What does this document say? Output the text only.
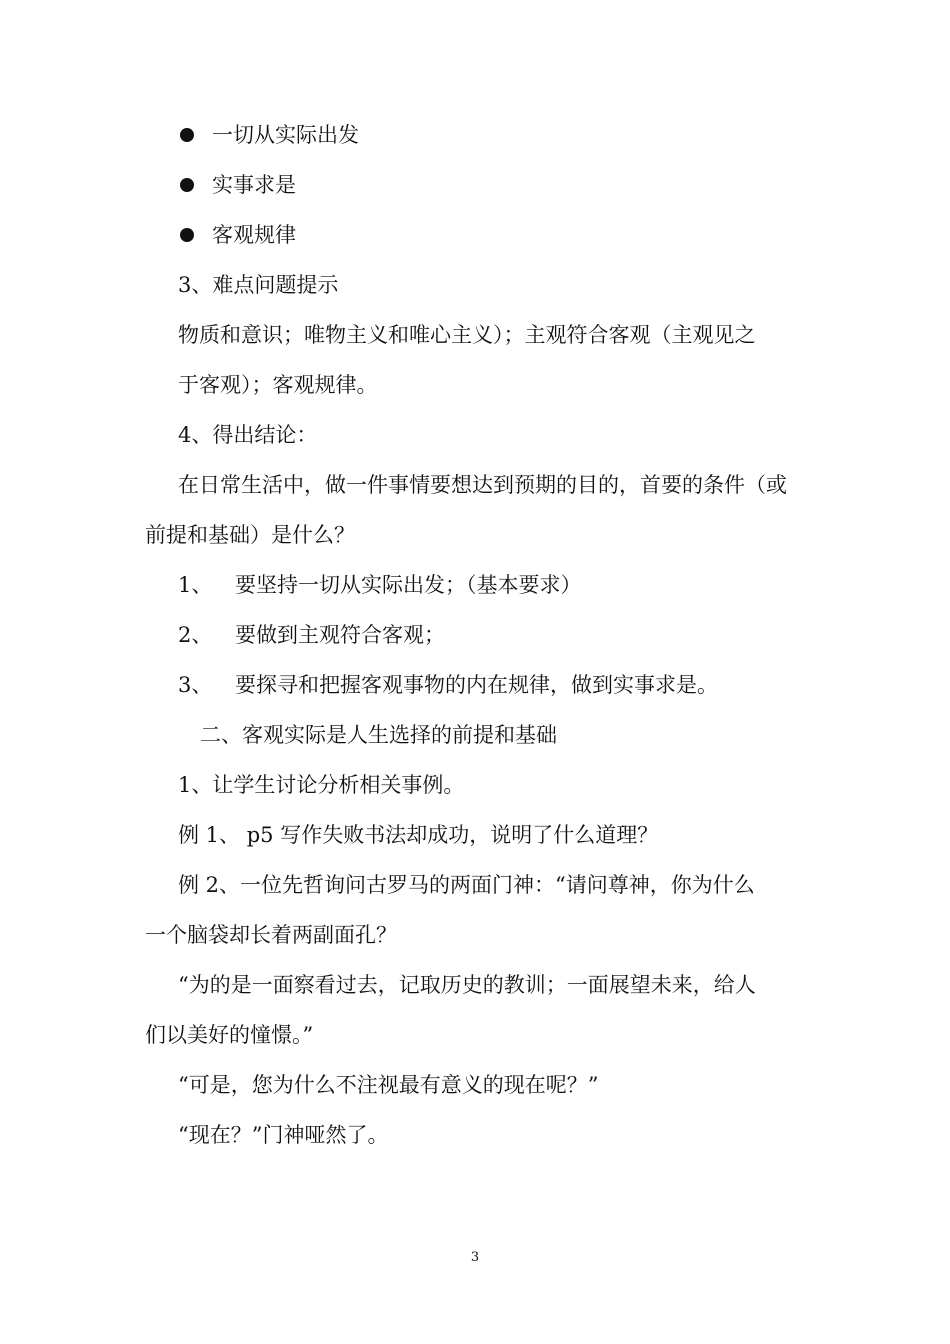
一切从实际出发
实事求是
客观规律
3、难点问题提示
物质和意识；唯物主义和唯心主义）；主观符合客观（主观见之
于客观）；客观规律。
4、得出结论：
在日常生活中，做一件事情要想达到预期的目的，首要的条件（或
前提和基础）是什么？
1、 要坚持一切从实际出发；（基本要求）
2、 要做到主观符合客观；
3、 要探寻和把握客观事物的内在规律，做到实事求是。
二、客观实际是人生选择的前提和基础
1、让学生讨论分析相关事例。
例 1、 p5 写作失败书法却成功，说明了什么道理？
例 2、一位先哲询问古罗马的两面门神：“请问尊神，你为什么
一个脑袋却长着两副面孔？
“为的是一面察看过去，记取历史的教训；一面展望未来，给人
们以美好的憧憬。”
“可是，您为什么不注视最有意义的现在呢？”
“现在？”门神哑然了。
3
